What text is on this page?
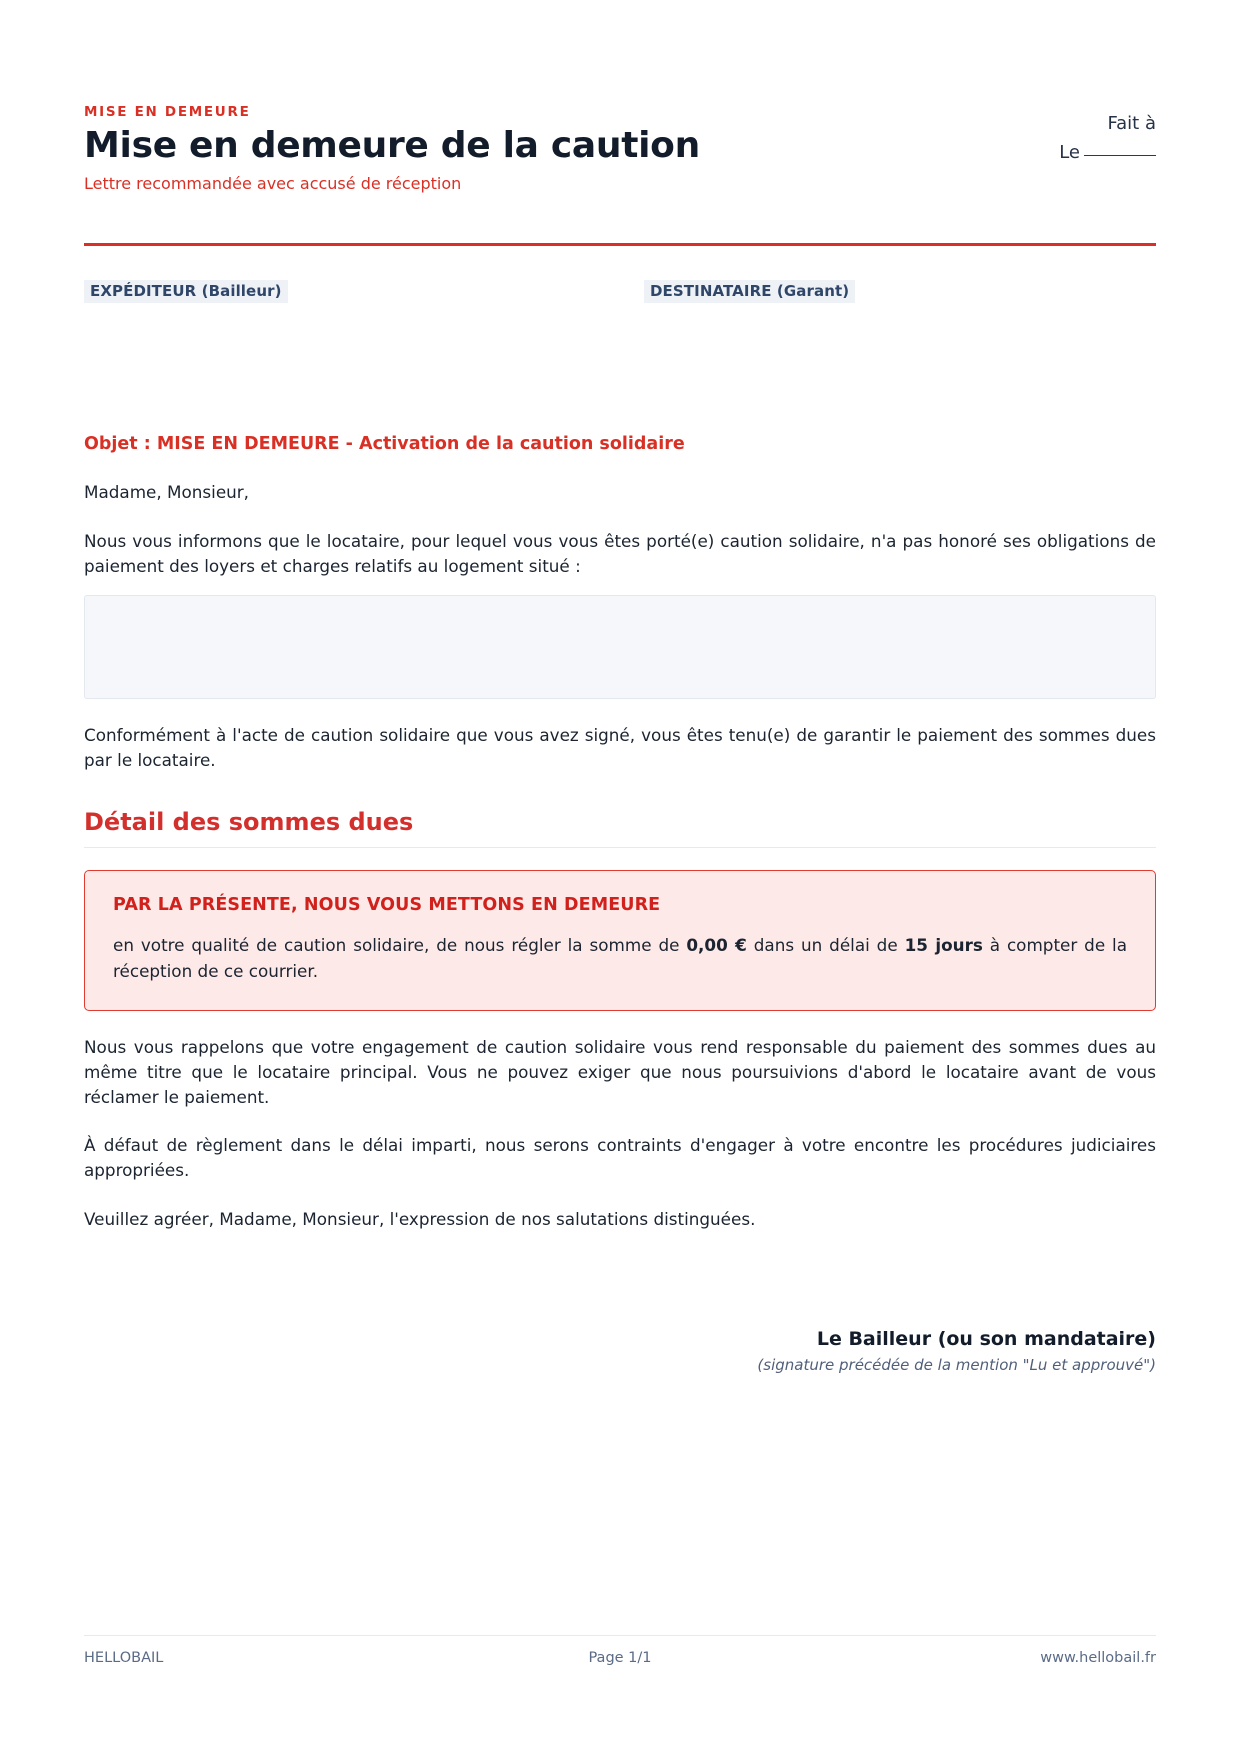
MISE EN DEMEURE
Mise en demeure de la caution
Lettre recommandée avec accusé de réception
Fait à
Le
EXPÉDITEUR (Bailleur)	DESTINATAIRE (Garant)
Objet : MISE EN DEMEURE - Activation de la caution solidaire

Madame, Monsieur,

Nous vous informons que le locataire, pour lequel vous vous êtes porté(e) caution solidaire, n'a pas honoré ses obligations de paiement des loyers et charges relatifs au logement situé :

Conformément à l'acte de caution solidaire que vous avez signé, vous êtes tenu(e) de garantir le paiement des sommes dues par le locataire.

Détail des sommes dues
PAR LA PRÉSENTE, NOUS VOUS METTONS EN DEMEURE

en votre qualité de caution solidaire, de nous régler la somme de 0,00 € dans un délai de 15 jours à compter de la réception de ce courrier.

Nous vous rappelons que votre engagement de caution solidaire vous rend responsable du paiement des sommes dues au même titre que le locataire principal. Vous ne pouvez exiger que nous poursuivions d'abord le locataire avant de vous réclamer le paiement.

À défaut de règlement dans le délai imparti, nous serons contraints d'engager à votre encontre les procédures judiciaires appropriées.

Veuillez agréer, Madame, Monsieur, l'expression de nos salutations distinguées.

Le Bailleur (ou son mandataire)
(signature précédée de la mention "Lu et approuvé")
HELLOBAIL	Page 1/1	www.hellobail.fr
